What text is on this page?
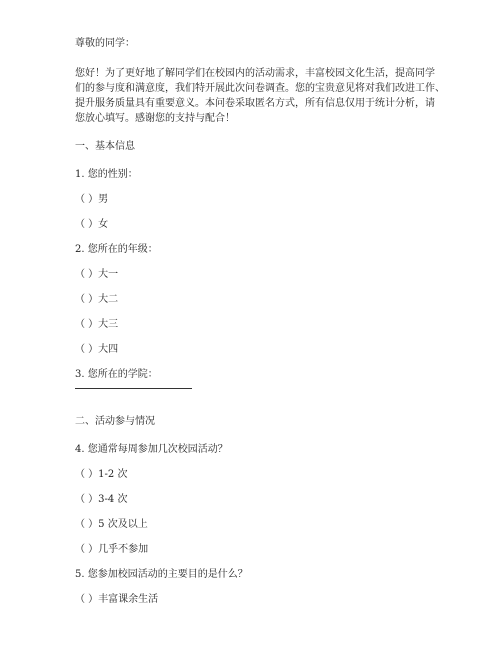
尊敬的同学：
您好！为了更好地了解同学们在校园内的活动需求，丰富校园文化生活，提高同学
们的参与度和满意度，我们特开展此次问卷调查。您的宝贵意见将对我们改进工作、
提升服务质量具有重要意义。本问卷采取匿名方式，所有信息仅用于统计分析，请
您放心填写。感谢您的支持与配合！
一、基本信息
1. 您的性别：
（ ）男
（ ）女
2. 您所在的年级：
（ ）大一
（ ）大二
（ ）大三
（ ）大四
3. 您所在的学院：
二、活动参与情况
4. 您通常每周参加几次校园活动？
（ ）1-2 次
（ ）3-4 次
（ ）5 次及以上
（ ）几乎不参加
5. 您参加校园活动的主要目的是什么？
（ ）丰富课余生活
